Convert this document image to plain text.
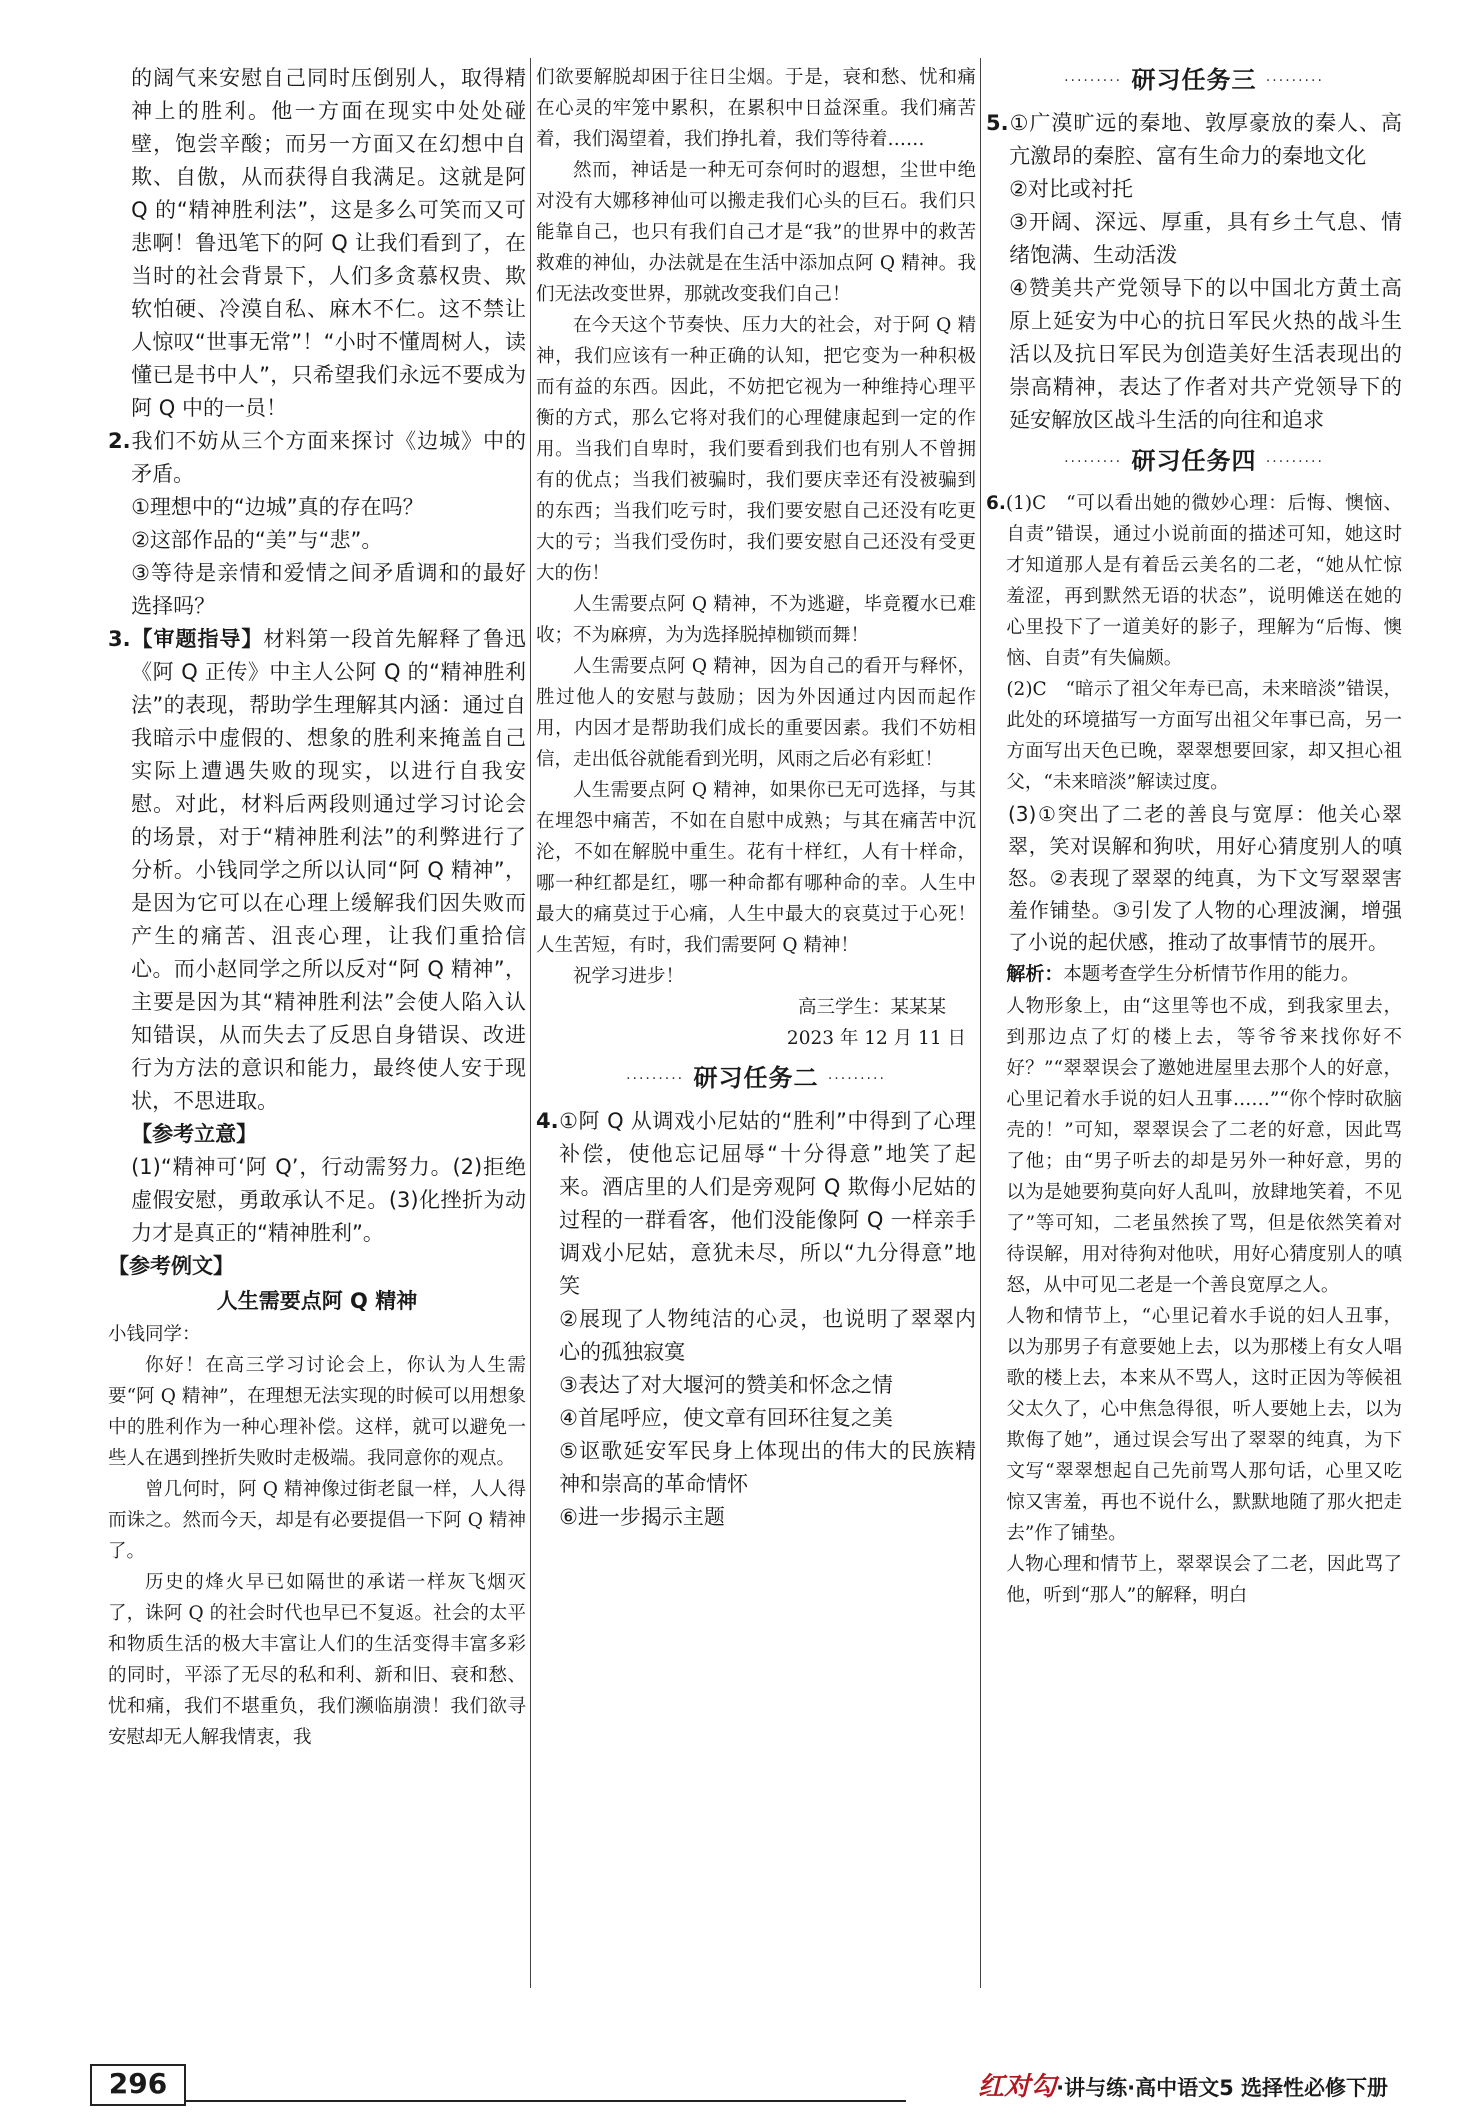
的阔气来安慰自己同时压倒别人，取得精神上的胜利。他一方面在现实中处处碰壁，饱尝辛酸；而另一方面又在幻想中自欺、自傲，从而获得自我满足。这就是阿 Q 的“精神胜利法”，这是多么可笑而又可悲啊！鲁迅笔下的阿 Q 让我们看到了，在当时的社会背景下，人们多贪慕权贵、欺软怕硬、冷漠自私、麻木不仁。这不禁让人惊叹“世事无常”！“小时不懂周树人，读懂已是书中人”，只希望我们永远不要成为阿 Q 中的一员！

2.我们不妨从三个方面来探讨《边城》中的矛盾。

①理想中的“边城”真的存在吗？

②这部作品的“美”与“悲”。

③等待是亲情和爱情之间矛盾调和的最好选择吗？

3.【审题指导】材料第一段首先解释了鲁迅《阿 Q 正传》中主人公阿 Q 的“精神胜利法”的表现，帮助学生理解其内涵：通过自我暗示中虚假的、想象的胜利来掩盖自己实际上遭遇失败的现实，以进行自我安慰。对此，材料后两段则通过学习讨论会的场景，对于“精神胜利法”的利弊进行了分析。小钱同学之所以认同“阿 Q 精神”，是因为它可以在心理上缓解我们因失败而产生的痛苦、沮丧心理，让我们重拾信心。而小赵同学之所以反对“阿 Q 精神”，主要是因为其“精神胜利法”会使人陷入认知错误，从而失去了反思自身错误、改进行为方法的意识和能力，最终使人安于现状，不思进取。

【参考立意】

(1)“精神可‘阿 Q’，行动需努力。(2)拒绝虚假安慰，勇敢承认不足。(3)化挫折为动力才是真正的“精神胜利”。

【参考例文】

人生需要点阿 Q 精神

小钱同学：

你好！在高三学习讨论会上，你认为人生需要“阿 Q 精神”，在理想无法实现的时候可以用想象中的胜利作为一种心理补偿。这样，就可以避免一些人在遇到挫折失败时走极端。我同意你的观点。

曾几何时，阿 Q 精神像过街老鼠一样，人人得而诛之。然而今天，却是有必要提倡一下阿 Q 精神了。

历史的烽火早已如隔世的承诺一样灰飞烟灭了，诛阿 Q 的社会时代也早已不复返。社会的太平和物质生活的极大丰富让人们的生活变得丰富多彩的同时，平添了无尽的私和利、新和旧、衰和愁、忧和痛，我们不堪重负，我们濒临崩溃！我们欲寻安慰却无人解我情衷，我

们欲要解脱却困于往日尘烟。于是，衰和愁、忧和痛在心灵的牢笼中累积，在累积中日益深重。我们痛苦着，我们渴望着，我们挣扎着，我们等待着……

然而，神话是一种无可奈何时的遐想，尘世中绝对没有大娜移神仙可以搬走我们心头的巨石。我们只能靠自己，也只有我们自己才是“我”的世界中的救苦救难的神仙，办法就是在生活中添加点阿 Q 精神。我们无法改变世界，那就改变我们自己！

在今天这个节奏快、压力大的社会，对于阿 Q 精神，我们应该有一种正确的认知，把它变为一种积极而有益的东西。因此，不妨把它视为一种维持心理平衡的方式，那么它将对我们的心理健康起到一定的作用。当我们自卑时，我们要看到我们也有别人不曾拥有的优点；当我们被骗时，我们要庆幸还有没被骗到的东西；当我们吃亏时，我们要安慰自己还没有吃更大的亏；当我们受伤时，我们要安慰自己还没有受更大的伤！

人生需要点阿 Q 精神，不为逃避，毕竟覆水已难收；不为麻痹，为为选择脱掉枷锁而舞！

人生需要点阿 Q 精神，因为自己的看开与释怀，胜过他人的安慰与鼓励；因为外因通过内因而起作用，内因才是帮助我们成长的重要因素。我们不妨相信，走出低谷就能看到光明，风雨之后必有彩虹！

人生需要点阿 Q 精神，如果你已无可选择，与其在埋怨中痛苦，不如在自慰中成熟；与其在痛苦中沉沦，不如在解脱中重生。花有十样红，人有十样命，哪一种红都是红，哪一种命都有哪种命的幸。人生中最大的痛莫过于心痛，人生中最大的哀莫过于心死！人生苦短，有时，我们需要阿 Q 精神！

祝学习进步！

高三学生：某某某

2023 年 12 月 11 日

········· 研习任务二 ·········

4.①阿 Q 从调戏小尼姑的“胜利”中得到了心理补偿，使他忘记屈辱“十分得意”地笑了起来。酒店里的人们是旁观阿 Q 欺侮小尼姑的过程的一群看客，他们没能像阿 Q 一样亲手调戏小尼姑，意犹未尽，所以“九分得意”地笑

②展现了人物纯洁的心灵，也说明了翠翠内心的孤独寂寞

③表达了对大堰河的赞美和怀念之情

④首尾呼应，使文章有回环往复之美

⑤讴歌延安军民身上体现出的伟大的民族精神和崇高的革命情怀

⑥进一步揭示主题

········· 研习任务三 ·········

5.①广漠旷远的秦地、敦厚豪放的秦人、高亢激昂的秦腔、富有生命力的秦地文化

②对比或衬托

③开阔、深远、厚重，具有乡土气息、情绪饱满、生动活泼

④赞美共产党领导下的以中国北方黄土高原上延安为中心的抗日军民火热的战斗生活以及抗日军民为创造美好生活表现出的崇高精神，表达了作者对共产党领导下的延安解放区战斗生活的向往和追求

········· 研习任务四 ·········

6.(1)C　“可以看出她的微妙心理：后悔、懊恼、自责”错误，通过小说前面的描述可知，她这时才知道那人是有着岳云美名的二老，“她从忙惊羞涩，再到默然无语的状态”，说明傩送在她的心里投下了一道美好的影子，理解为“后悔、懊恼、自责”有失偏颇。

(2)C　“暗示了祖父年寿已高，未来暗淡”错误，此处的环境描写一方面写出祖父年事已高，另一方面写出天色已晚，翠翠想要回家，却又担心祖父，“未来暗淡”解读过度。

(3)①突出了二老的善良与宽厚：他关心翠翠，笑对误解和狗吠，用好心猜度别人的嗔怒。②表现了翠翠的纯真，为下文写翠翠害羞作铺垫。③引发了人物的心理波澜，增强了小说的起伏感，推动了故事情节的展开。

解析：本题考查学生分析情节作用的能力。

人物形象上，由“这里等也不成，到我家里去，到那边点了灯的楼上去，等爷爷来找你好不好？”“翠翠误会了邀她进屋里去那个人的好意，心里记着水手说的妇人丑事……”“你个悖时砍脑壳的！”可知，翠翠误会了二老的好意，因此骂了他；由“男子听去的却是另外一种好意，男的以为是她要狗莫向好人乱叫，放肆地笑着，不见了”等可知，二老虽然挨了骂，但是依然笑着对待误解，用对待狗对他吠，用好心猜度别人的嗔怒，从中可见二老是一个善良宽厚之人。

人物和情节上，“心里记着水手说的妇人丑事，以为那男子有意要她上去，以为那楼上有女人唱歌的楼上去，本来从不骂人，这时正因为等候祖父太久了，心中焦急得很，听人要她上去，以为欺侮了她”，通过误会写出了翠翠的纯真，为下文写“翠翠想起自己先前骂人那句话，心里又吃惊又害羞，再也不说什么，默默地随了那火把走去”作了铺垫。

人物心理和情节上，翠翠误会了二老，因此骂了他，听到“那人”的解释，明白

296	红对勾·讲与练·高中语文5 选择性必修下册
